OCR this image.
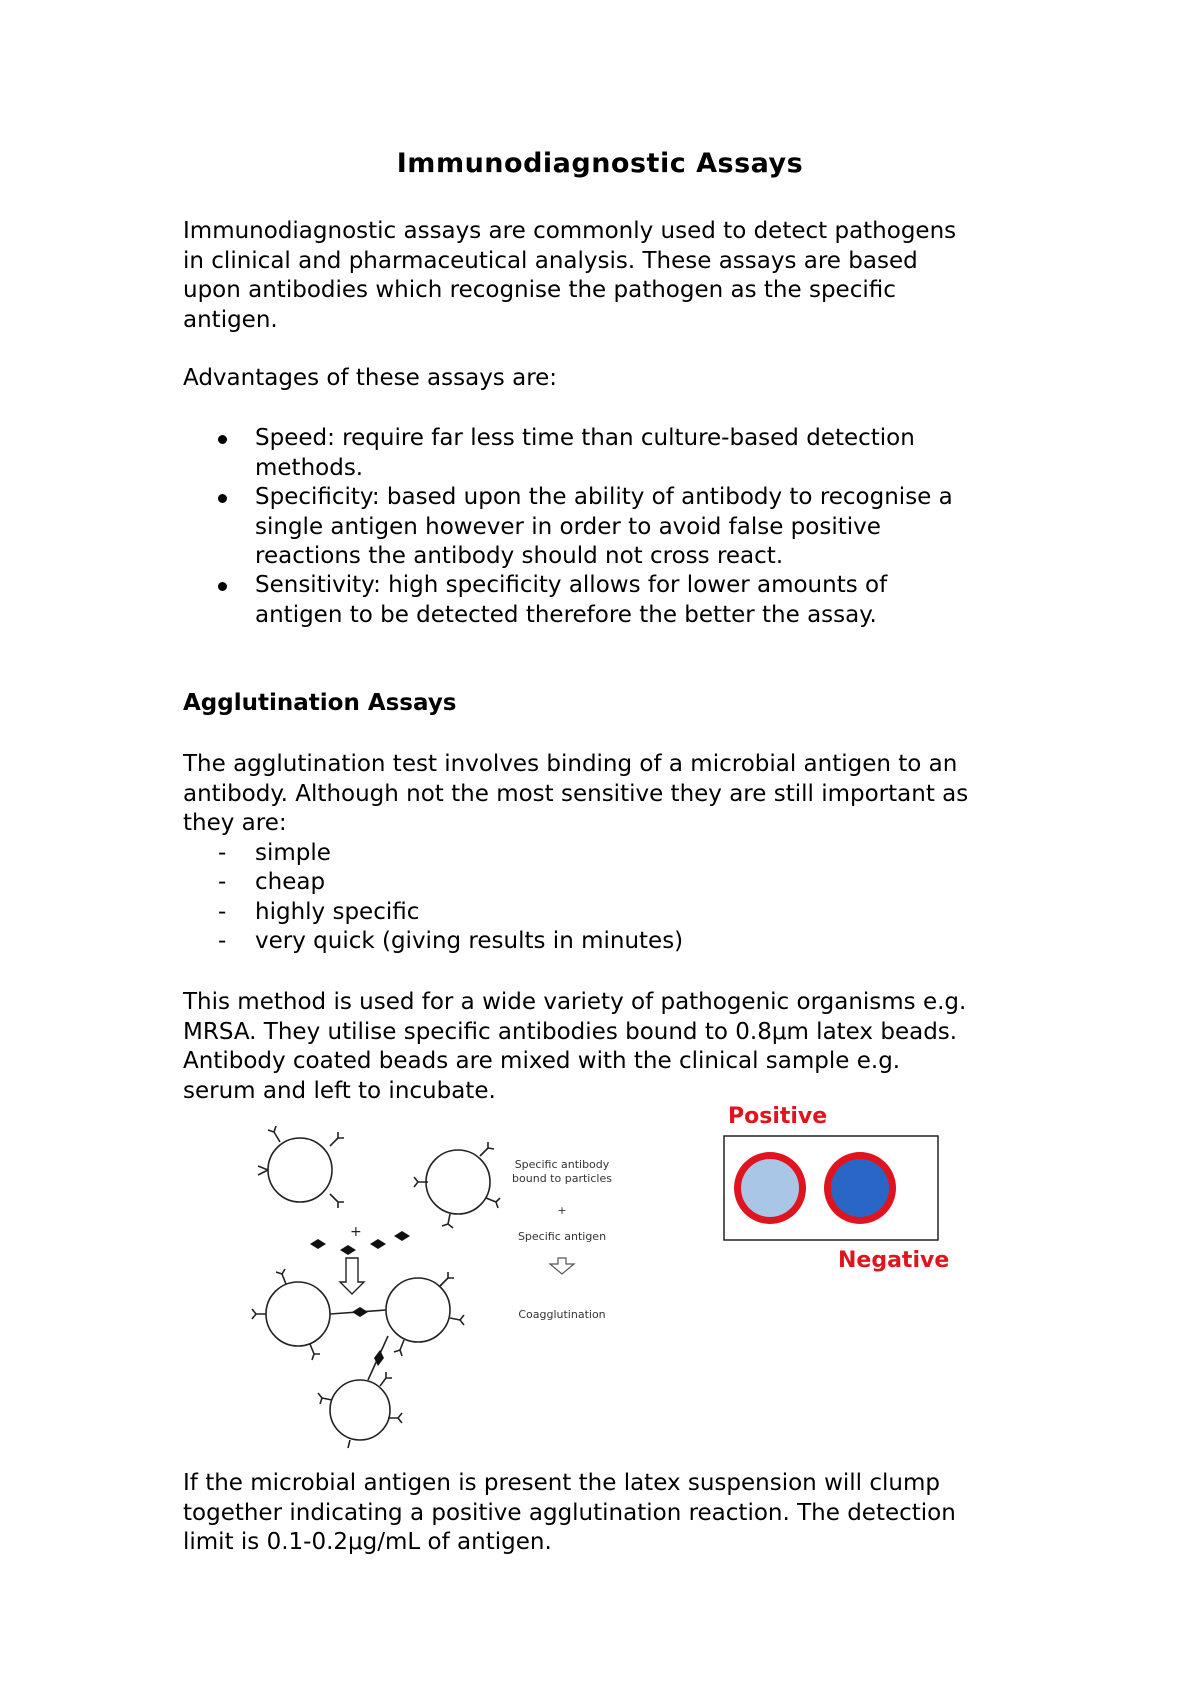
Immunodiagnostic Assays

Immunodiagnostic assays are commonly used to detect pathogens

in clinical and pharmaceutical analysis. These assays are based

upon antibodies which recognise the pathogen as the specific

antigen.

Advantages of these assays are:
Speed: require far less time than culture-based detection
methods.
Specificity: based upon the ability of antibody to recognise a
single antigen however in order to avoid false positive
reactions the antibody should not cross react.
Sensitivity: high specificity allows for lower amounts of
antigen to be detected therefore the better the assay.
Agglutination Assays

The agglutination test involves binding of a microbial antigen to an

antibody. Although not the most sensitive they are still important as

they are:

- simple
- cheap
- highly specific
- very quick (giving results in minutes)

This method is used for a wide variety of pathogenic organisms e.g.

MRSA. They utilise specific antibodies bound to 0.8μm latex beads.

Antibody coated beads are mixed with the clinical sample e.g.

serum and left to incubate.

+
Specific antibody
bound to particles
+
Specific antigen
Coagglutination
Positive
Negative

If the microbial antigen is present the latex suspension will clump

together indicating a positive agglutination reaction. The detection

limit is 0.1-0.2μg/mL of antigen.
